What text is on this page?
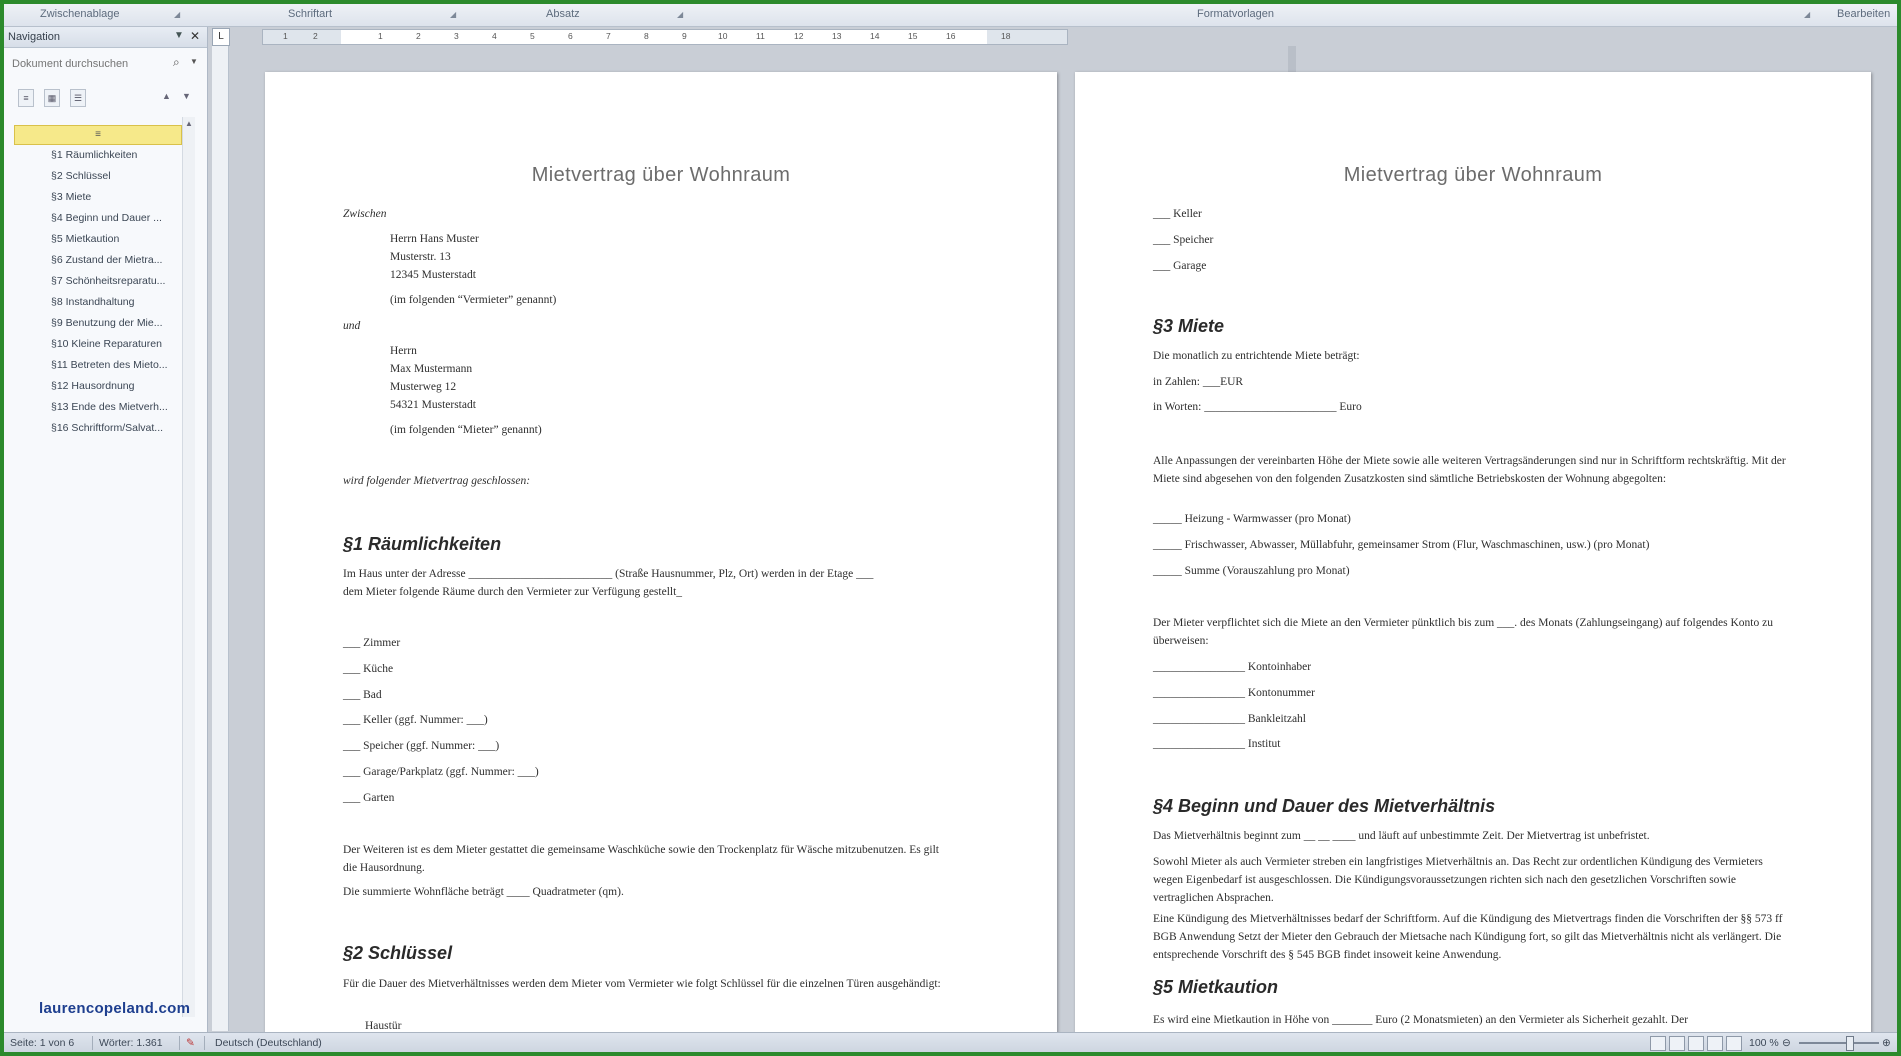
Zwischenablage	◢	Schriftart	◢	Absatz	◢	Formatvorlagen	◢ Bearbeiten
Navigation	▼ ✕
Dokument durchsuchen
⌕ ▼
≡	▦	☰	▲ ▼
≡
§1 Räumlichkeiten
§2 Schlüssel
§3 Miete
§4 Beginn und Dauer ...
§5 Mietkaution
§6 Zustand der Mietra...
§7 Schönheitsreparatu...
§8 Instandhaltung
§9 Benutzung der Mie...
§10 Kleine Reparaturen
§11 Betreten des Mietο...
§12 Hausordnung
§13 Ende des Mietverh...
§16 Schriftform/Salvat...
▲
laurencopeland.com
L	1	2	1	2	3	4	5	6	7	8	9	10	11	12	13	14	15	16	18
Mietvertrag über Wohnraum
Zwischen
Herrn Hans Muster
Musterstr. 13
12345 Musterstadt
(im folgenden “Vermieter” genannt)
und
Herrn
Max Mustermann
Musterweg 12
54321 Musterstadt
(im folgenden “Mieter” genannt)
wird folgender Mietvertrag geschlossen:
§1 Räumlichkeiten
Im Haus unter der Adresse _________________________ (Straße Hausnummer, Plz, Ort) werden in der Etage ___
dem Mieter folgende Räume durch den Vermieter zur Verfügung gestellt_
___ Zimmer
___ Küche
___ Bad
___ Keller (ggf. Nummer: ___)
___ Speicher (ggf. Nummer: ___)
___ Garage/Parkplatz (ggf. Nummer: ___)
___ Garten
Der Weiteren ist es dem Mieter gestattet die gemeinsame Waschküche sowie den Trockenplatz für Wäsche mitzubenutzen. Es gilt die Hausordnung.
Die summierte Wohnfläche beträgt ____ Quadratmeter (qm).
§2 Schlüssel
Für die Dauer des Mietverhältnisses werden dem Mieter vom Vermieter wie folgt Schlüssel für die einzelnen Türen ausgehändigt:
Haustür
Mietvertrag über Wohnraum
___ Keller
___ Speicher
___ Garage
§3 Miete
Die monatlich zu entrichtende Miete beträgt:
in Zahlen: ___EUR
in Worten: _______________________ Euro
Alle Anpassungen der vereinbarten Höhe der Miete sowie alle weiteren Vertragsänderungen sind nur in Schriftform rechtskräftig. Mit der Miete sind abgesehen von den folgenden Zusatzkosten sind sämtliche Betriebskosten der Wohnung abgegolten:
_____ Heizung - Warmwasser (pro Monat)
_____ Frischwasser, Abwasser, Müllabfuhr, gemeinsamer Strom (Flur, Waschmaschinen, usw.) (pro Monat)
_____ Summe (Vorauszahlung pro Monat)
Der Mieter verpflichtet sich die Miete an den Vermieter pünktlich bis zum ___. des Monats (Zahlungseingang) auf folgendes Konto zu überweisen:
________________ Kontoinhaber
________________ Kontonummer
________________ Bankleitzahl
________________ Institut
§4 Beginn und Dauer des Mietverhältnis
Das Mietverhältnis beginnt zum __ __ ____ und läuft auf unbestimmte Zeit. Der Mietvertrag ist unbefristet.
Sowohl Mieter als auch Vermieter streben ein langfristiges Mietverhältnis an. Das Recht zur ordentlichen Kündigung des Vermieters wegen Eigenbedarf ist ausgeschlossen. Die Kündigungsvoraussetzungen richten sich nach den gesetzlichen Vorschriften sowie vertraglichen Absprachen.
Eine Kündigung des Mietverhältnisses bedarf der Schriftform. Auf die Kündigung des Mietvertrags finden die Vorschriften der §§ 573 ff BGB Anwendung Setzt der Mieter den Gebrauch der Mietsache nach Kündigung fort, so gilt das Mietverhältnis nicht als verlängert. Die entsprechende Vorschrift des § 545 BGB findet insoweit keine Anwendung.
§5 Mietkaution
Es wird eine Mietkaution in Höhe von _______ Euro (2 Monatsmieten) an den Vermieter als Sicherheit gezahlt. Der
Seite: 1 von 6 Wörter: 1.361 ✎ Deutsch (Deutschland)	100 % ⊖	⊕
